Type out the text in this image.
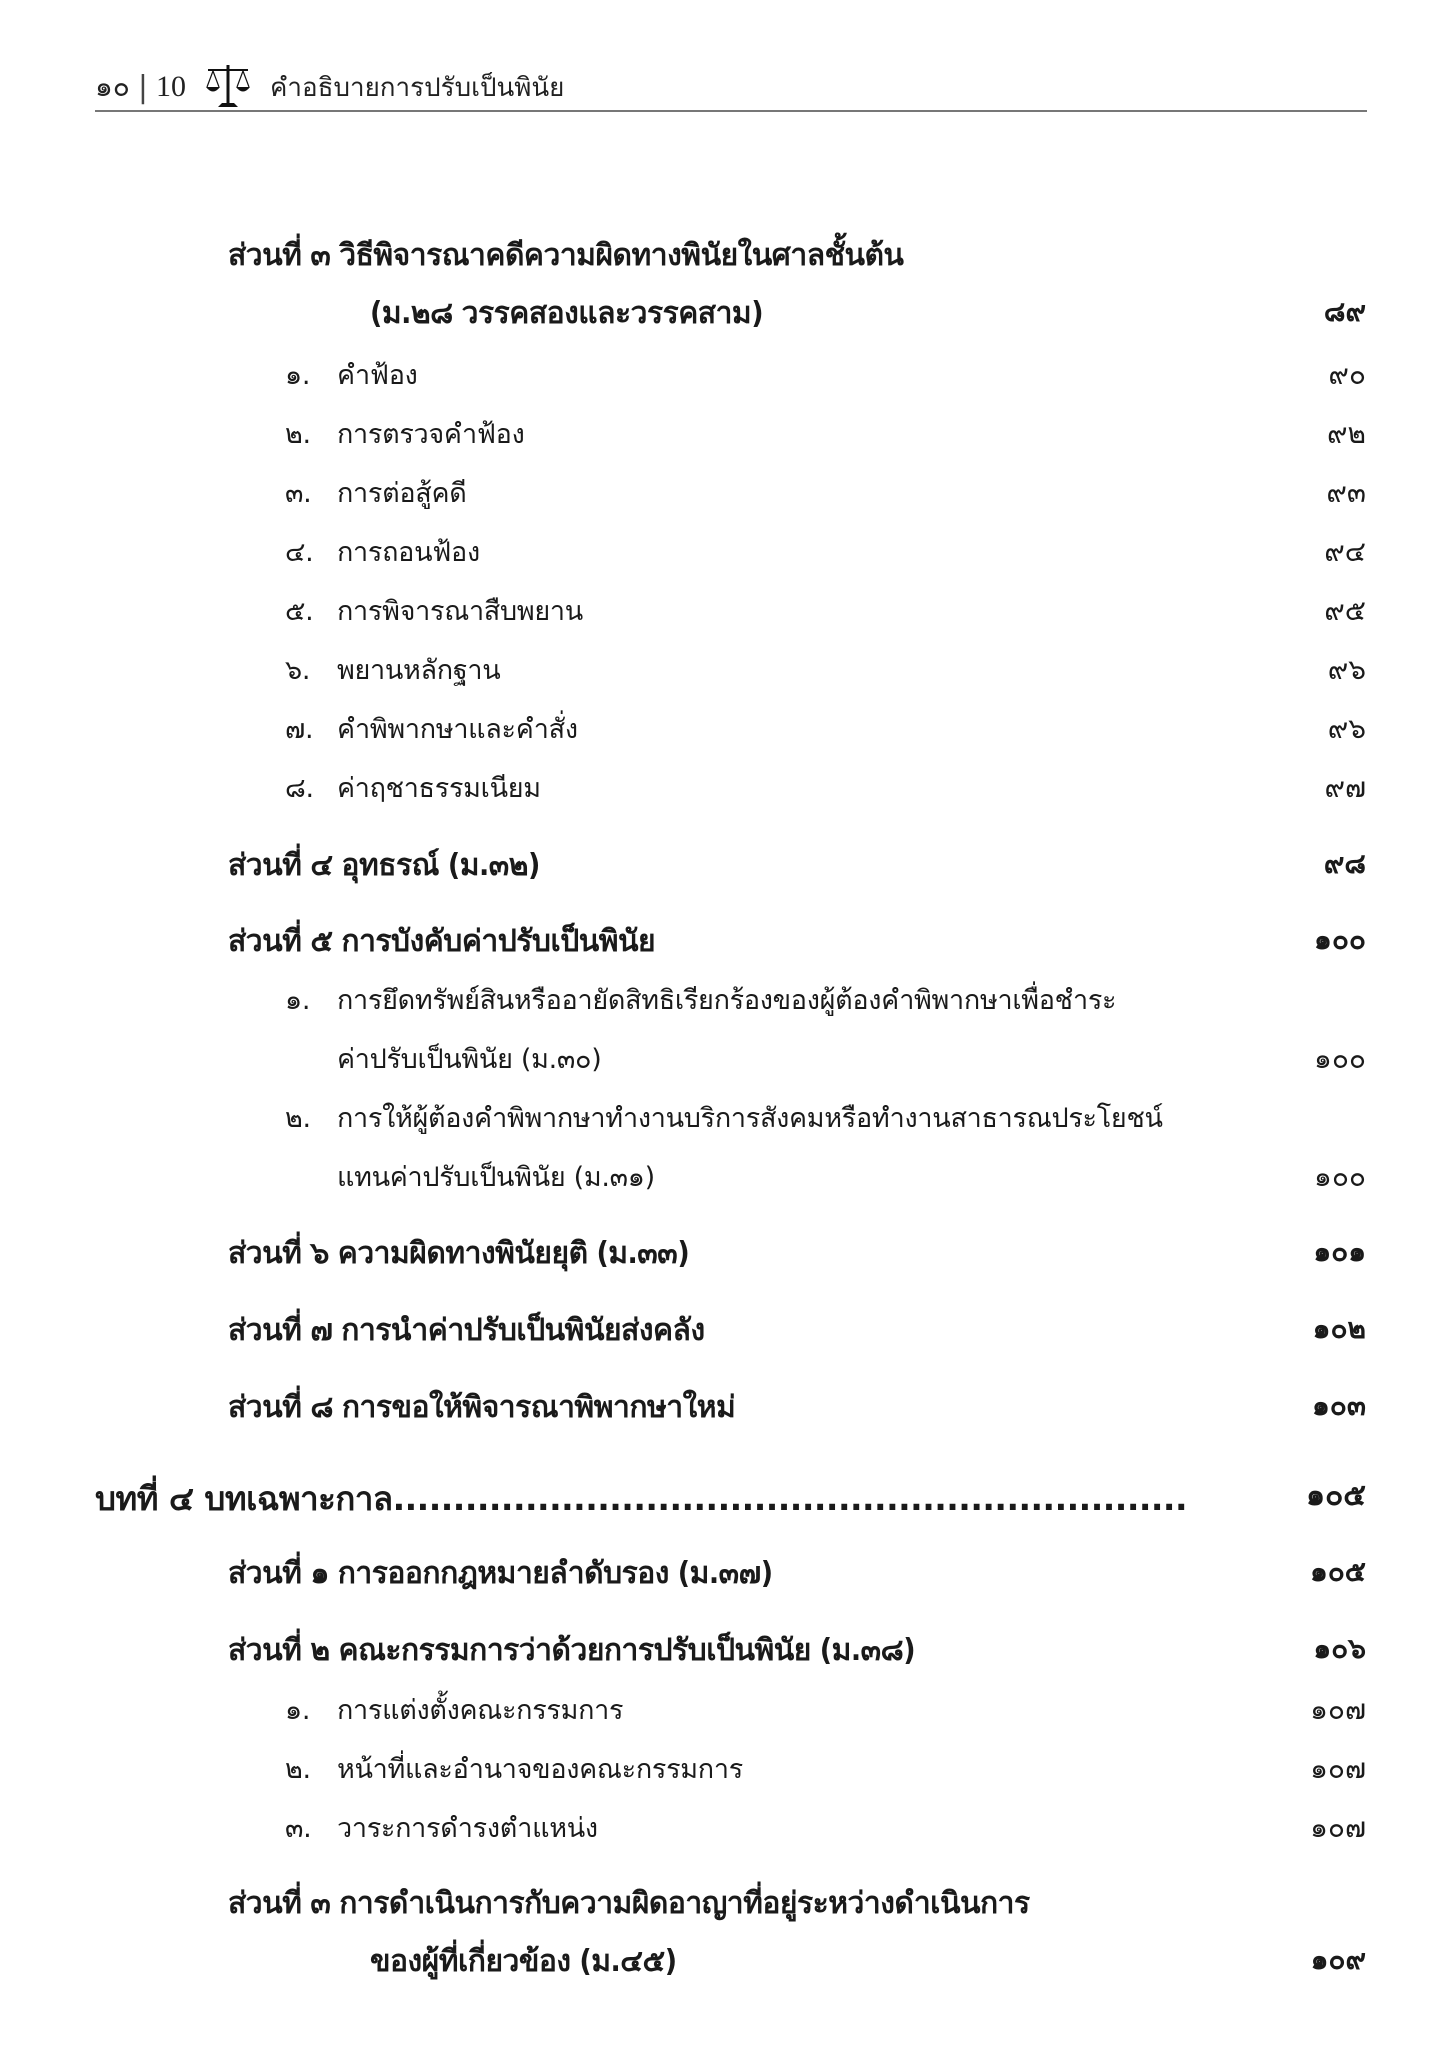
๑๐ | 10	คำอธิบายการปรับเป็นพินัย
ส่วนที่ ๓ วิธีพิจารณาคดีความผิดทางพินัยในศาลชั้นต้น
(ม.๒๘ วรรคสองและวรรคสาม)	๘๙
๑. คำฟ้อง	๙๐
๒. การตรวจคำฟ้อง	๙๒
๓. การต่อสู้คดี	๙๓
๔. การถอนฟ้อง	๙๔
๕. การพิจารณาสืบพยาน	๙๕
๖. พยานหลักฐาน	๙๖
๗. คำพิพากษาและคำสั่ง	๙๖
๘. ค่าฤชาธรรมเนียม	๙๗
ส่วนที่ ๔ อุทธรณ์ (ม.๓๒)	๙๘
ส่วนที่ ๕ การบังคับค่าปรับเป็นพินัย	๑๐๐
๑. การยึดทรัพย์สินหรืออายัดสิทธิเรียกร้องของผู้ต้องคำพิพากษาเพื่อชำระ
ค่าปรับเป็นพินัย (ม.๓๐)	๑๐๐
๒. การให้ผู้ต้องคำพิพากษาทำงานบริการสังคมหรือทำงานสาธารณประโยชน์
แทนค่าปรับเป็นพินัย (ม.๓๑)	๑๐๐
ส่วนที่ ๖ ความผิดทางพินัยยุติ (ม.๓๓)	๑๐๑
ส่วนที่ ๗ การนำค่าปรับเป็นพินัยส่งคลัง	๑๐๒
ส่วนที่ ๘ การขอให้พิจารณาพิพากษาใหม่	๑๐๓
บทที่ ๔ บทเฉพาะกาล ..................................................................	๑๐๕
ส่วนที่ ๑ การออกกฎหมายลำดับรอง (ม.๓๗)	๑๐๕
ส่วนที่ ๒ คณะกรรมการว่าด้วยการปรับเป็นพินัย (ม.๓๘)	๑๐๖
๑. การแต่งตั้งคณะกรรมการ	๑๐๗
๒. หน้าที่และอำนาจของคณะกรรมการ	๑๐๗
๓. วาระการดำรงตำแหน่ง	๑๐๗
ส่วนที่ ๓ การดำเนินการกับความผิดอาญาที่อยู่ระหว่างดำเนินการ
ของผู้ที่เกี่ยวข้อง (ม.๔๕)	๑๐๙
